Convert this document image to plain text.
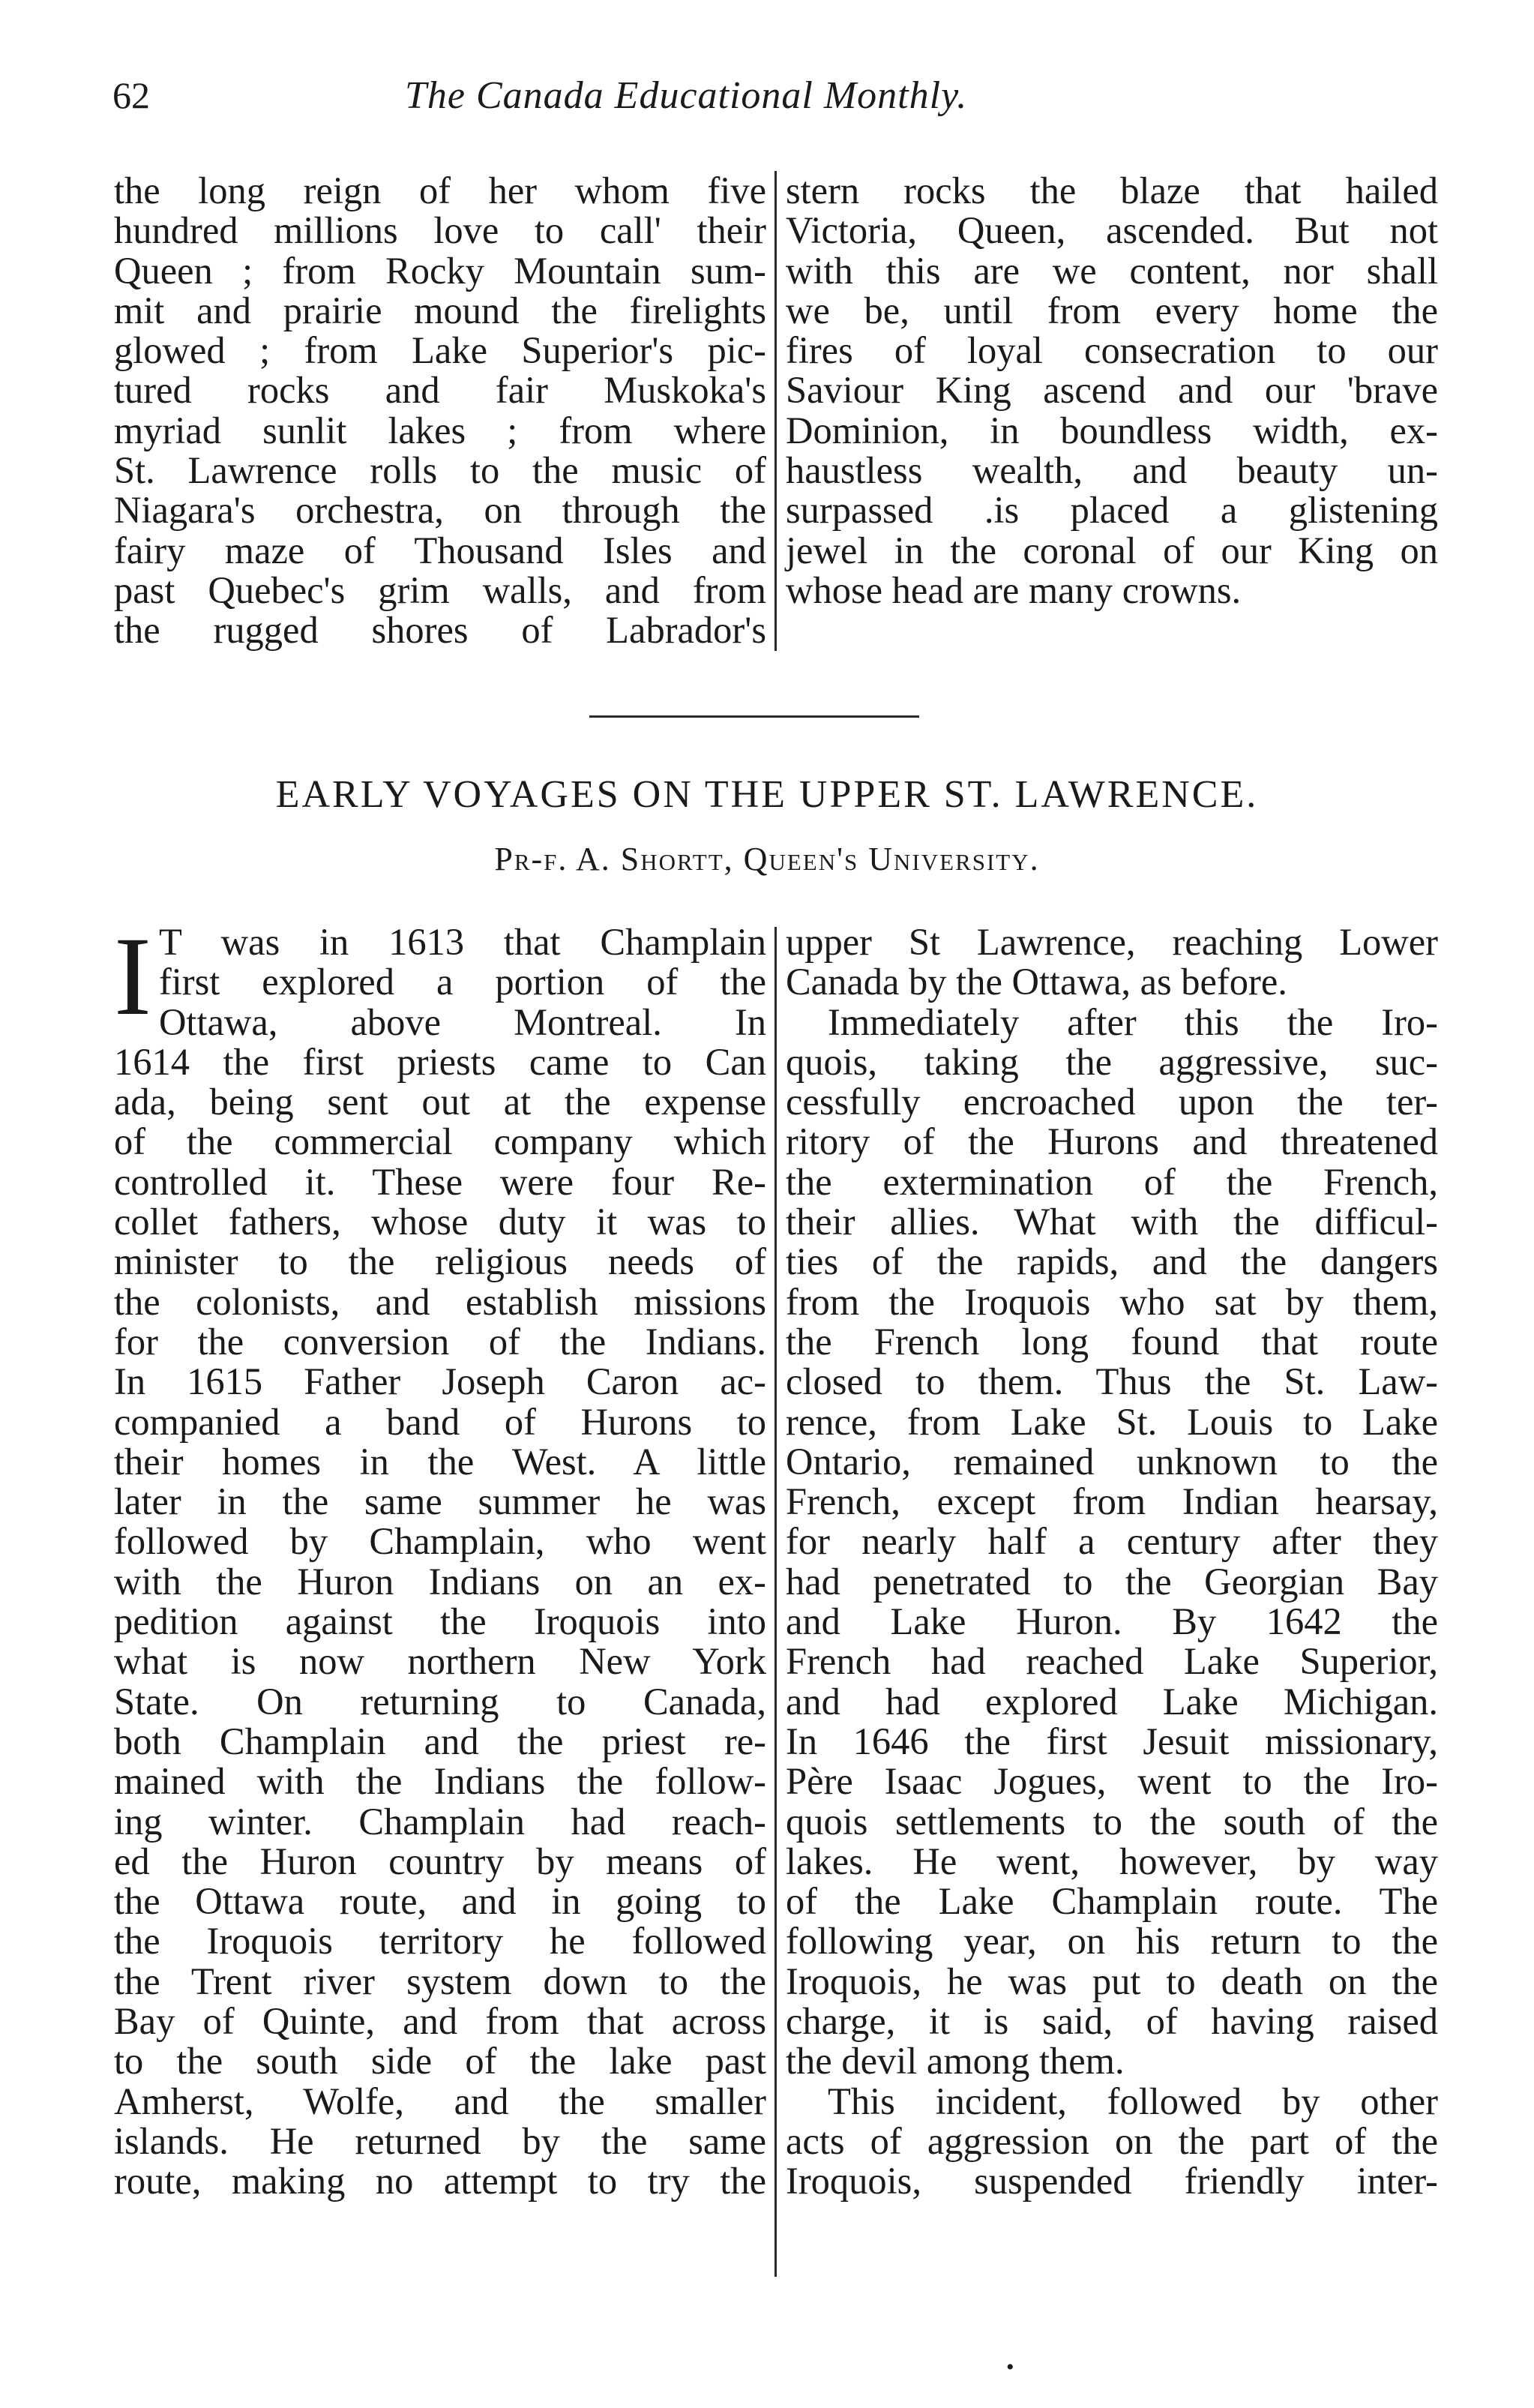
62	The Canada Educational Monthly.
the long reign of her whom five
hundred millions love to call' their
Queen ; from Rocky Mountain sum-
mit and prairie mound the firelights
glowed ; from Lake Superior's pic-
tured rocks and fair Muskoka's
myriad sunlit lakes ; from where
St. Lawrence rolls to the music of
Niagara's orchestra, on through the
fairy maze of Thousand Isles and
past Quebec's grim walls, and from
the rugged shores of Labrador's
stern rocks the blaze that hailed
Victoria, Queen, ascended. But not
with this are we content, nor shall
we be, until from every home the
fires of loyal consecration to our
Saviour King ascend and our 'brave
Dominion, in boundless width, ex-
haustless wealth, and beauty un-
surpassed .is placed a glistening
jewel in the coronal of our King on
whose head are many crowns.
EARLY VOYAGES ON THE UPPER ST. LAWRENCE.
Pr-f. A. Shortt, Queen's University.
I T was in 1613 that Champlain
first explored a portion of the
Ottawa, above Montreal. In
1614 the first priests came to Can
ada, being sent out at the expense
of the commercial company which
controlled it. These were four Re-
collet fathers, whose duty it was to
minister to the religious needs of
the colonists, and establish missions
for the conversion of the Indians.
In 1615 Father Joseph Caron ac-
companied a band of Hurons to
their homes in the West. A little
later in the same summer he was
followed by Champlain, who went
with the Huron Indians on an ex-
pedition against the Iroquois into
what is now northern New York
State. On returning to Canada,
both Champlain and the priest re-
mained with the Indians the follow-
ing winter. Champlain had reach-
ed the Huron country by means of
the Ottawa route, and in going to
the Iroquois territory he followed
the Trent river system down to the
Bay of Quinte, and from that across
to the south side of the lake past
Amherst, Wolfe, and the smaller
islands. He returned by the same
route, making no attempt to try the
upper St Lawrence, reaching Lower
Canada by the Ottawa, as before.
Immediately after this the Iro-
quois, taking the aggressive, suc-
cessfully encroached upon the ter-
ritory of the Hurons and threatened
the extermination of the French,
their allies. What with the difficul-
ties of the rapids, and the dangers
from the Iroquois who sat by them,
the French long found that route
closed to them. Thus the St. Law-
rence, from Lake St. Louis to Lake
Ontario, remained unknown to the
French, except from Indian hearsay,
for nearly half a century after they
had penetrated to the Georgian Bay
and Lake Huron. By 1642 the
French had reached Lake Superior,
and had explored Lake Michigan.
In 1646 the first Jesuit missionary,
Père Isaac Jogues, went to the Iro-
quois settlements to the south of the
lakes. He went, however, by way
of the Lake Champlain route. The
following year, on his return to the
Iroquois, he was put to death on the
charge, it is said, of having raised
the devil among them.
This incident, followed by other
acts of aggression on the part of the
Iroquois, suspended friendly inter-
•
